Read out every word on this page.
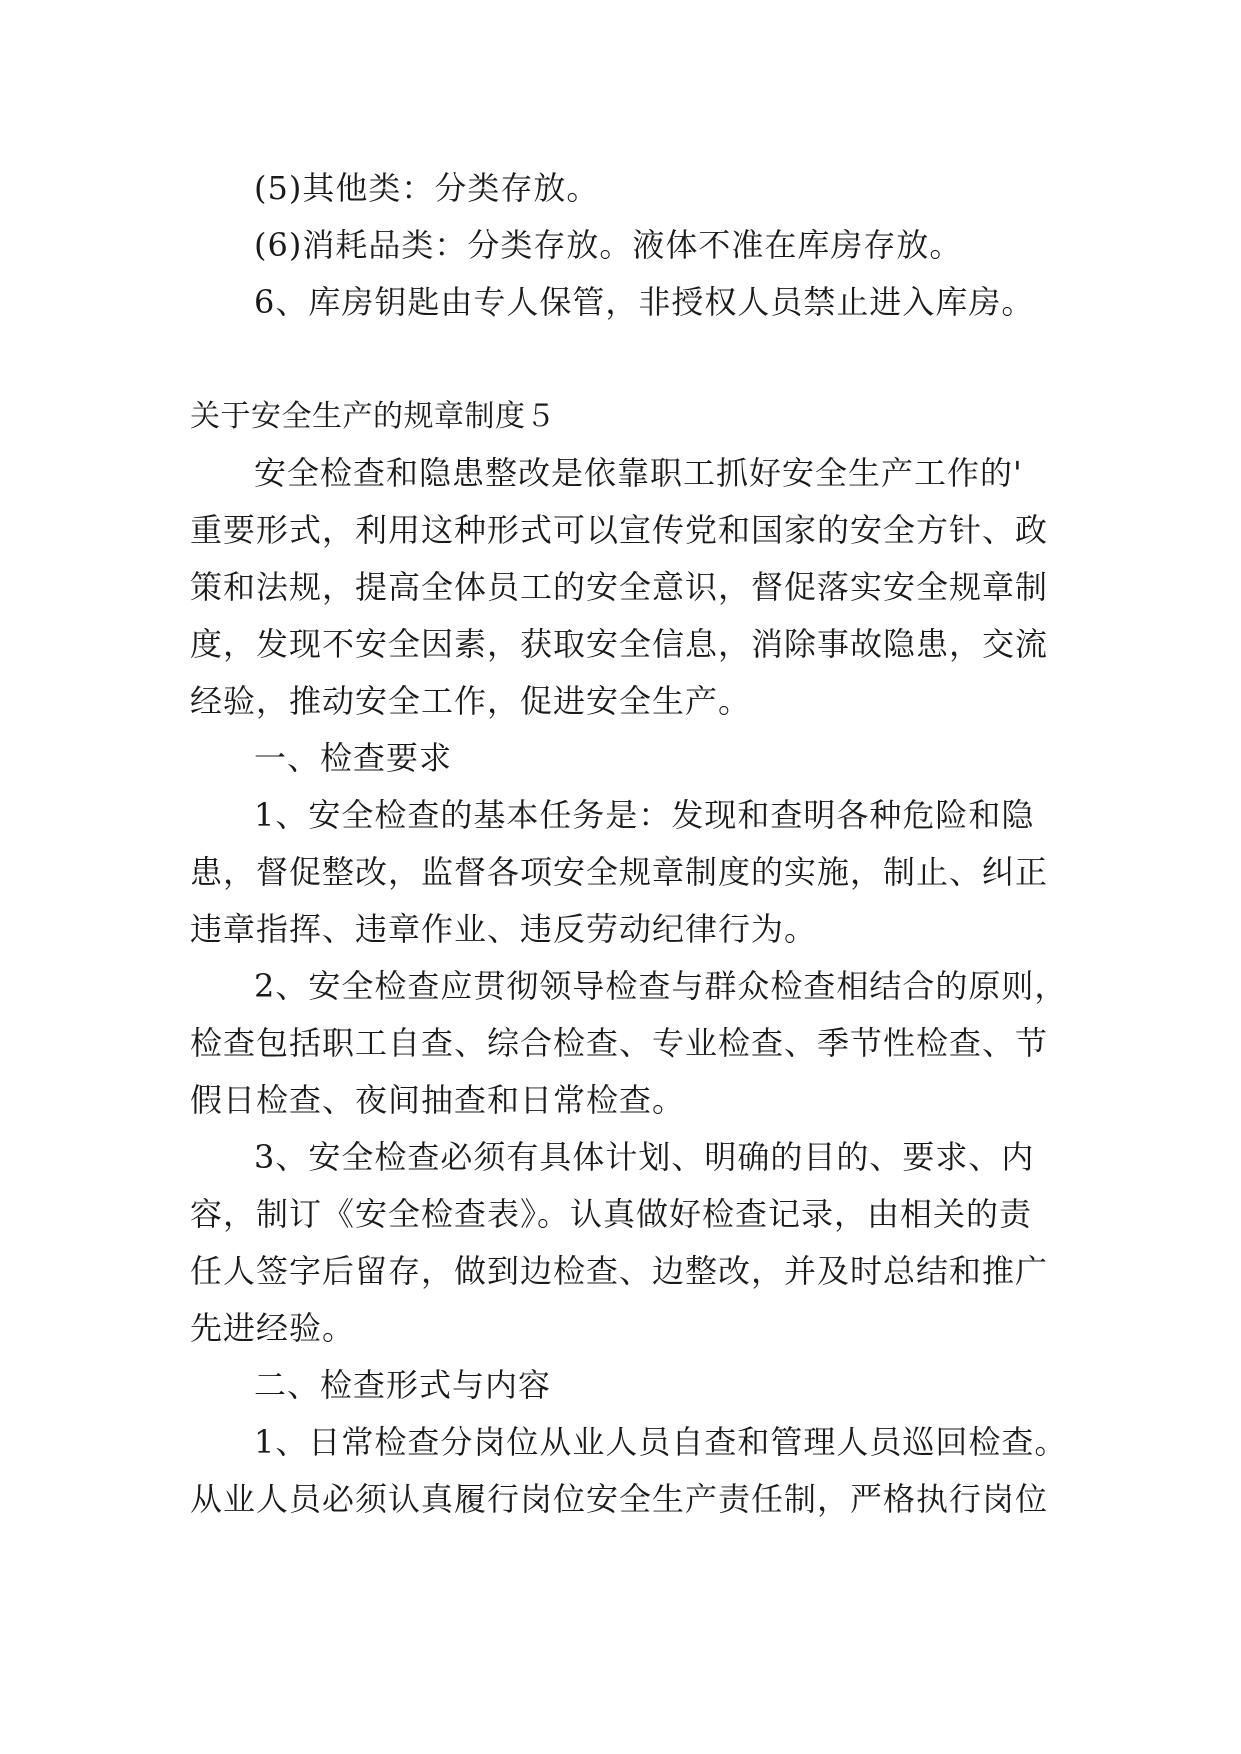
(5)其他类：分类存放。

(6)消耗品类：分类存放。液体不准在库房存放。

6、库房钥匙由专人保管，非授权人员禁止进入库房。

关于安全生产的规章制度５

安全检查和隐患整改是依靠职工抓好安全生产工作的'

重要形式，利用这种形式可以宣传党和国家的安全方针、政

策和法规，提高全体员工的安全意识，督促落实安全规章制

度，发现不安全因素，获取安全信息，消除事故隐患，交流

经验，推动安全工作，促进安全生产。

一、检查要求

1、安全检查的基本任务是：发现和查明各种危险和隐

患，督促整改，监督各项安全规章制度的实施，制止、纠正

违章指挥、违章作业、违反劳动纪律行为。

2、安全检查应贯彻领导检查与群众检查相结合的原则，

检查包括职工自查、综合检查、专业检查、季节性检查、节

假日检查、夜间抽查和日常检查。

3、安全检查必须有具体计划、明确的目的、要求、内

容，制订《安全检查表》。认真做好检查记录，由相关的责

任人签字后留存，做到边检查、边整改，并及时总结和推广

先进经验。

二、检查形式与内容

1、日常检查分岗位从业人员自查和管理人员巡回检查。

从业人员必须认真履行岗位安全生产责任制，严格执行岗位
